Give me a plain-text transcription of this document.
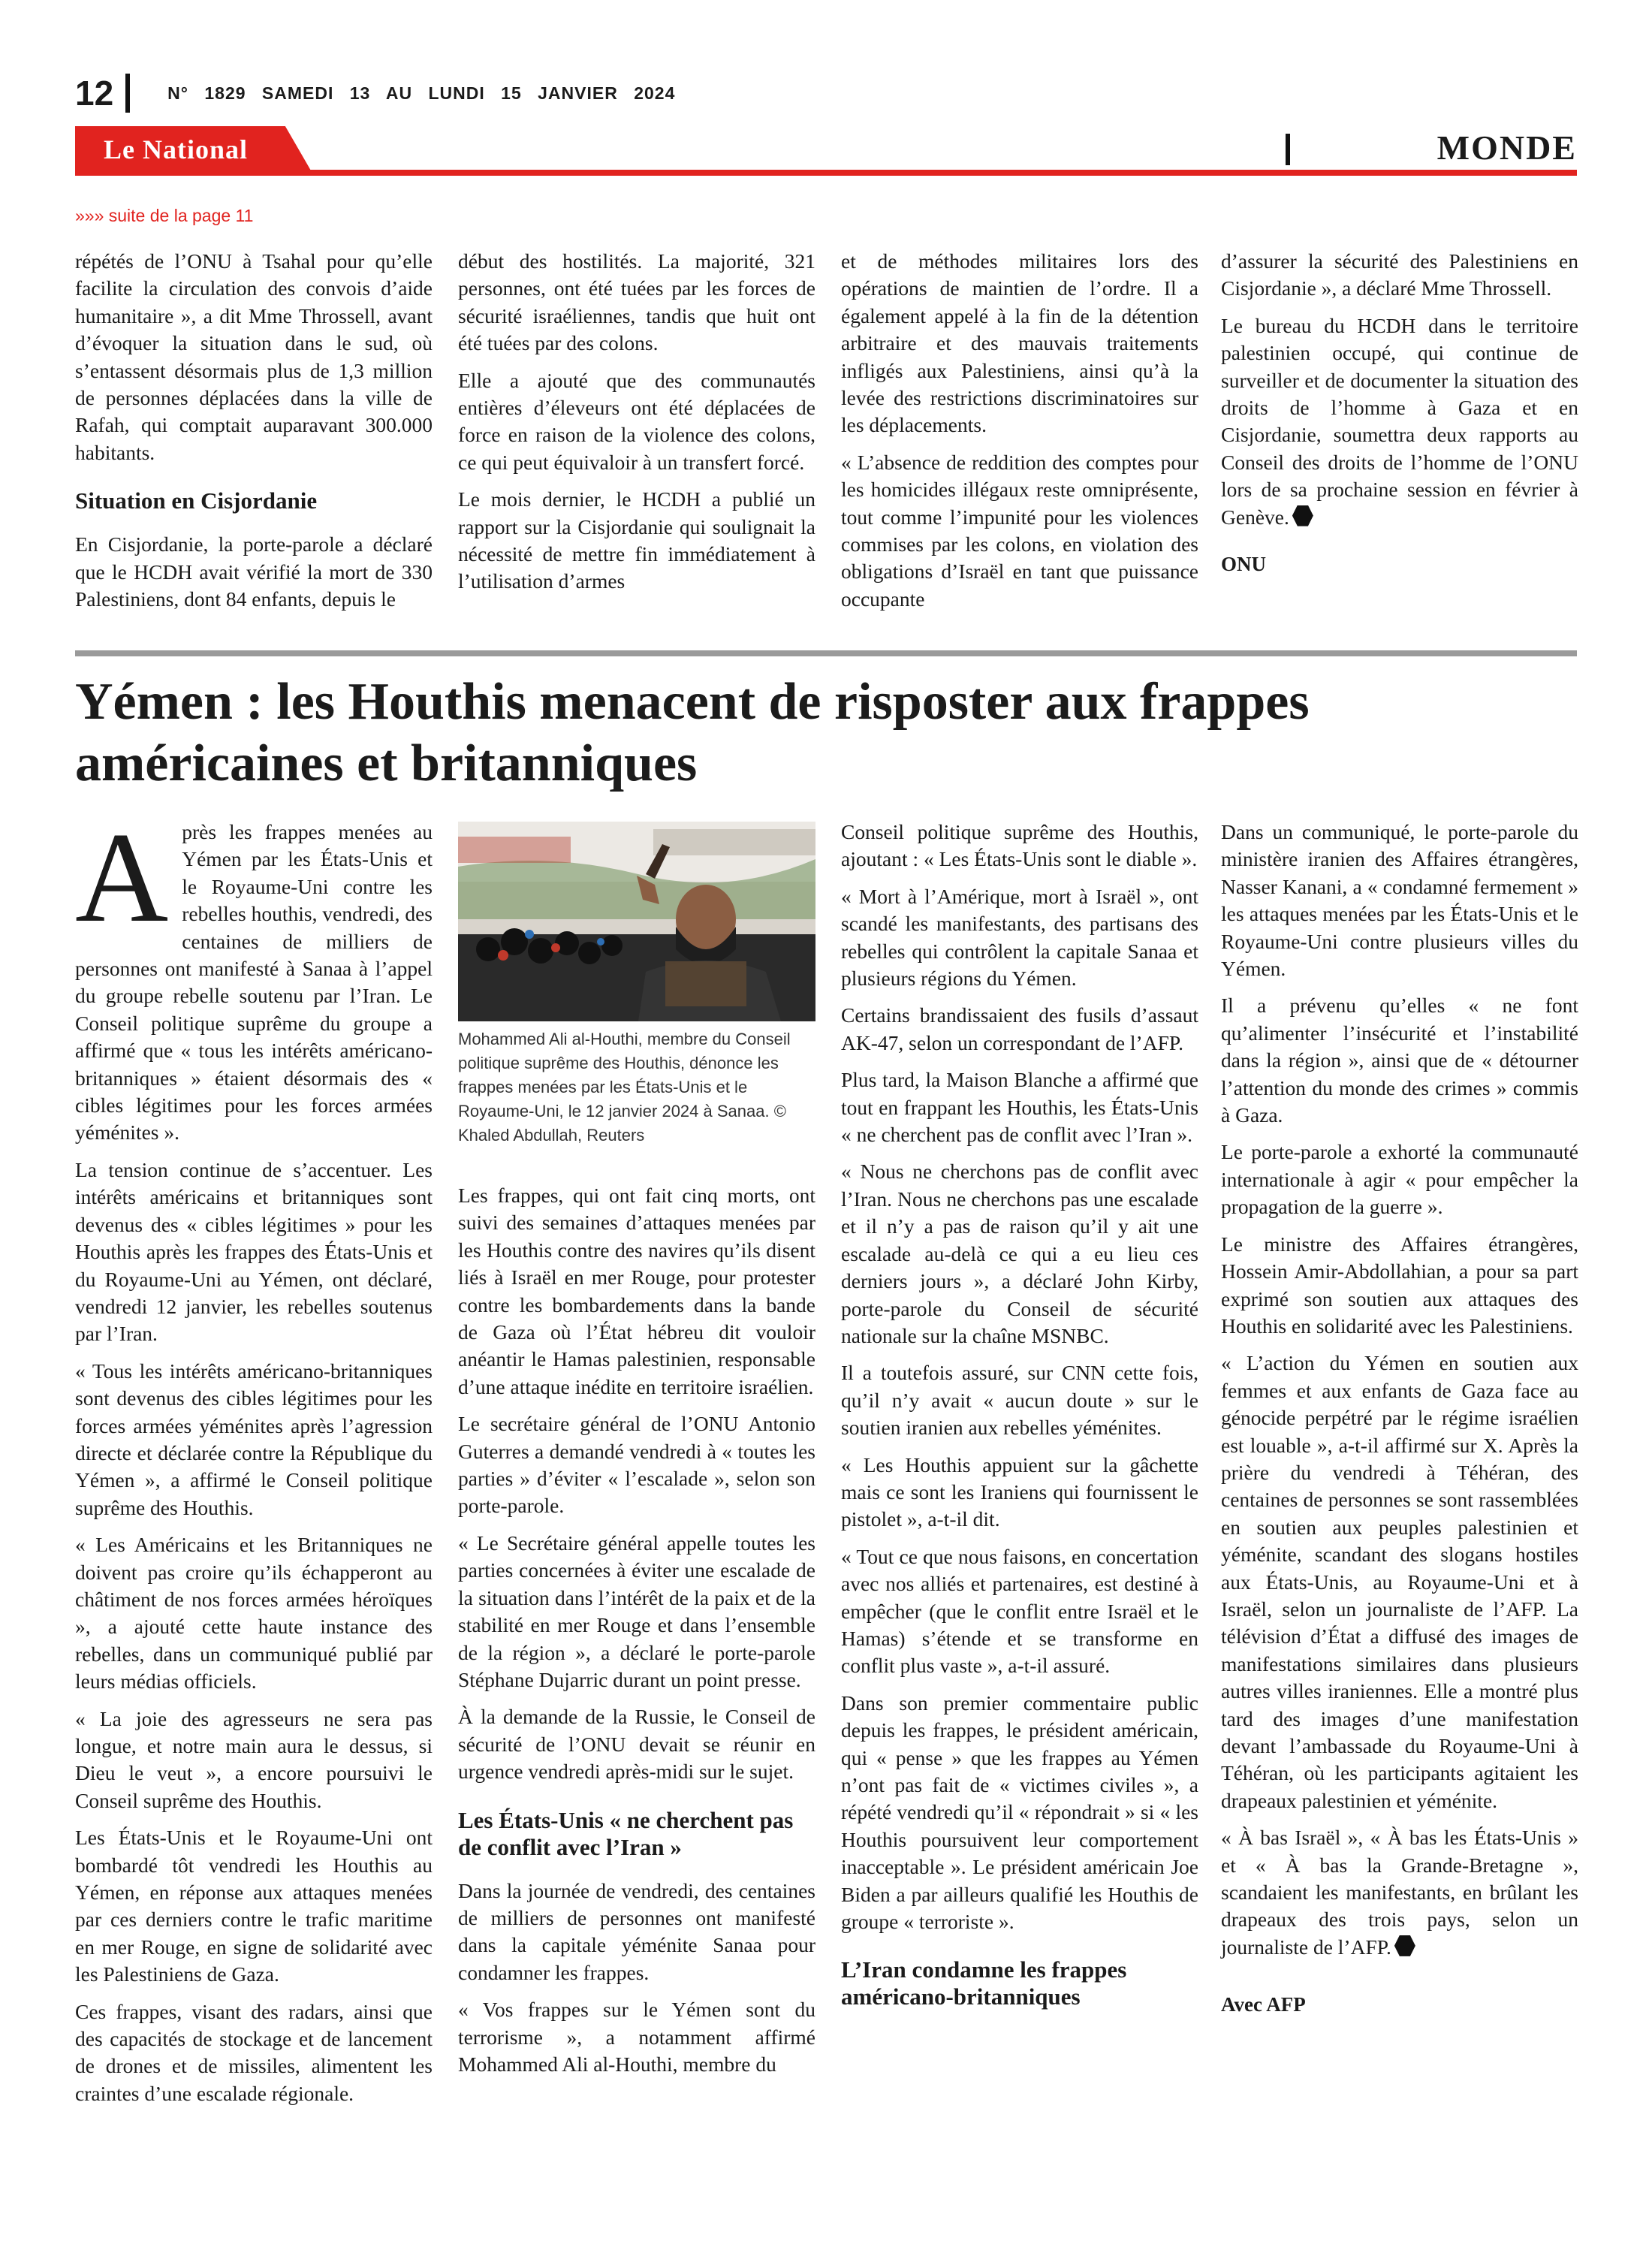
12	N° 1829 SAMEDI 13 AU LUNDI 15 JANVIER 2024
Le National	MONDE
»»» suite de la page 11

répétés de l’ONU à Tsahal pour qu’elle facilite la circulation des convois d’aide humanitaire », a dit Mme Throssell, avant d’évoquer la situation dans le sud, où s’entassent désormais plus de 1,3 million de personnes déplacées dans la ville de Rafah, qui comptait auparavant 300.000 habitants.

Situation en Cisjordanie

En Cisjordanie, la porte-parole a déclaré que le HCDH avait vérifié la mort de 330 Palestiniens, dont 84 enfants, depuis le

début des hostilités. La majorité, 321 personnes, ont été tuées par les forces de sécurité israéliennes, tandis que huit ont été tuées par des colons.

Elle a ajouté que des communautés entières d’éleveurs ont été déplacées de force en raison de la violence des colons, ce qui peut équivaloir à un transfert forcé.

Le mois dernier, le HCDH a publié un rapport sur la Cisjordanie qui soulignait la nécessité de mettre fin immédiatement à l’utilisation d’armes

et de méthodes militaires lors des opérations de maintien de l’ordre. Il a également appelé à la fin de la détention arbitraire et des mauvais traitements infligés aux Palestiniens, ainsi qu’à la levée des restrictions discriminatoires sur les déplacements.

« L’absence de reddition des comptes pour les homicides illégaux reste omniprésente, tout comme l’impunité pour les violences commises par les colons, en violation des obligations d’Israël en tant que puissance occupante

d’assurer la sécurité des Palestiniens en Cisjordanie », a déclaré Mme Throssell.

Le bureau du HCDH dans le territoire palestinien occupé, qui continue de surveiller et de documenter la situation des droits de l’homme à Gaza et en Cisjordanie, soumettra deux rapports au Conseil des droits de l’homme de l’ONU lors de sa prochaine session en février à Genève.

ONU
Yémen : les Houthis menacent de risposter aux frappes américaines et britanniques

Après les frappes menées au Yémen par les États-Unis et le Royaume-Uni contre les rebelles houthis, vendredi, des centaines de milliers de personnes ont manifesté à Sanaa à l’appel du groupe rebelle soutenu par l’Iran. Le Conseil politique suprême du groupe a affirmé que « tous les intérêts américano-britanniques » étaient désormais des « cibles légitimes pour les forces armées yéménites ».

La tension continue de s’accentuer. Les intérêts américains et britanniques sont devenus des « cibles légitimes » pour les Houthis après les frappes des États-Unis et du Royaume-Uni au Yémen, ont déclaré, vendredi 12 janvier, les rebelles soutenus par l’Iran.

« Tous les intérêts américano-britanniques sont devenus des cibles légitimes pour les forces armées yéménites après l’agression directe et déclarée contre la République du Yémen », a affirmé le Conseil politique suprême des Houthis.

« Les Américains et les Britanniques ne doivent pas croire qu’ils échapperont au châtiment de nos forces armées héroïques », a ajouté cette haute instance des rebelles, dans un communiqué publié par leurs médias officiels.

« La joie des agresseurs ne sera pas longue, et notre main aura le dessus, si Dieu le veut », a encore poursuivi le Conseil suprême des Houthis.

Les États-Unis et le Royaume-Uni ont bombardé tôt vendredi les Houthis au Yémen, en réponse aux attaques menées par ces derniers contre le trafic maritime en mer Rouge, en signe de solidarité avec les Palestiniens de Gaza.

Ces frappes, visant des radars, ainsi que des capacités de stockage et de lancement de drones et de missiles, alimentent les craintes d’une escalade régionale.

Mohammed Ali al-Houthi, membre du Conseil politique suprême des Houthis, dénonce les frappes menées par les États-Unis et le Royaume-Uni, le 12 janvier 2024 à Sanaa. © Khaled Abdullah, Reuters

Les frappes, qui ont fait cinq morts, ont suivi des semaines d’attaques menées par les Houthis contre des navires qu’ils disent liés à Israël en mer Rouge, pour protester contre les bombardements dans la bande de Gaza où l’État hébreu dit vouloir anéantir le Hamas palestinien, responsable d’une attaque inédite en territoire israélien.

Le secrétaire général de l’ONU Antonio Guterres a demandé vendredi à « toutes les parties » d’éviter « l’escalade », selon son porte-parole.

« Le Secrétaire général appelle toutes les parties concernées à éviter une escalade de la situation dans l’intérêt de la paix et de la stabilité en mer Rouge et dans l’ensemble de la région », a déclaré le porte-parole Stéphane Dujarric durant un point presse.

À la demande de la Russie, le Conseil de sécurité de l’ONU devait se réunir en urgence vendredi après-midi sur le sujet.

Les États-Unis « ne cherchent pas de conflit avec l’Iran »

Dans la journée de vendredi, des centaines de milliers de personnes ont manifesté dans la capitale yéménite Sanaa pour condamner les frappes.

« Vos frappes sur le Yémen sont du terrorisme », a notamment affirmé Mohammed Ali al-Houthi, membre du

Conseil politique suprême des Houthis, ajoutant : « Les États-Unis sont le diable ».

« Mort à l’Amérique, mort à Israël », ont scandé les manifestants, des partisans des rebelles qui contrôlent la capitale Sanaa et plusieurs régions du Yémen.

Certains brandissaient des fusils d’assaut AK-47, selon un correspondant de l’AFP.

Plus tard, la Maison Blanche a affirmé que tout en frappant les Houthis, les États-Unis « ne cherchent pas de conflit avec l’Iran ».

« Nous ne cherchons pas de conflit avec l’Iran. Nous ne cherchons pas une escalade et il n’y a pas de raison qu’il y ait une escalade au-delà ce qui a eu lieu ces derniers jours », a déclaré John Kirby, porte-parole du Conseil de sécurité nationale sur la chaîne MSNBC.

Il a toutefois assuré, sur CNN cette fois, qu’il n’y avait « aucun doute » sur le soutien iranien aux rebelles yéménites.

« Les Houthis appuient sur la gâchette mais ce sont les Iraniens qui fournissent le pistolet », a-t-il dit.

« Tout ce que nous faisons, en concertation avec nos alliés et partenaires, est destiné à empêcher (que le conflit entre Israël et le Hamas) s’étende et se transforme en conflit plus vaste », a-t-il assuré.

Dans son premier commentaire public depuis les frappes, le président américain, qui « pense » que les frappes au Yémen n’ont pas fait de « victimes civiles », a répété vendredi qu’il « répondrait » si « les Houthis poursuivent leur comportement inacceptable ». Le président américain Joe Biden a par ailleurs qualifié les Houthis de groupe « terroriste ».

L’Iran condamne les frappes américano-britanniques

Dans un communiqué, le porte-parole du ministère iranien des Affaires étrangères, Nasser Kanani, a « condamné fermement » les attaques menées par les États-Unis et le Royaume-Uni contre plusieurs villes du Yémen.

Il a prévenu qu’elles « ne font qu’alimenter l’insécurité et l’instabilité dans la région », ainsi que de « détourner l’attention du monde des crimes » commis à Gaza.

Le porte-parole a exhorté la communauté internationale à agir « pour empêcher la propagation de la guerre ».

Le ministre des Affaires étrangères, Hossein Amir-Abdollahian, a pour sa part exprimé son soutien aux attaques des Houthis en solidarité avec les Palestiniens.

« L’action du Yémen en soutien aux femmes et aux enfants de Gaza face au génocide perpétré par le régime israélien est louable », a-t-il affirmé sur X. Après la prière du vendredi à Téhéran, des centaines de personnes se sont rassemblées en soutien aux peuples palestinien et yéménite, scandant des slogans hostiles aux États-Unis, au Royaume-Uni et à Israël, selon un journaliste de l’AFP. La télévision d’État a diffusé des images de manifestations similaires dans plusieurs autres villes iraniennes. Elle a montré plus tard des images d’une manifestation devant l’ambassade du Royaume-Uni à Téhéran, où les participants agitaient les drapeaux palestinien et yéménite.

« À bas Israël », « À bas les États-Unis » et « À bas la Grande-Bretagne », scandaient les manifestants, en brûlant les drapeaux des trois pays, selon un journaliste de l’AFP.

Avec AFP
